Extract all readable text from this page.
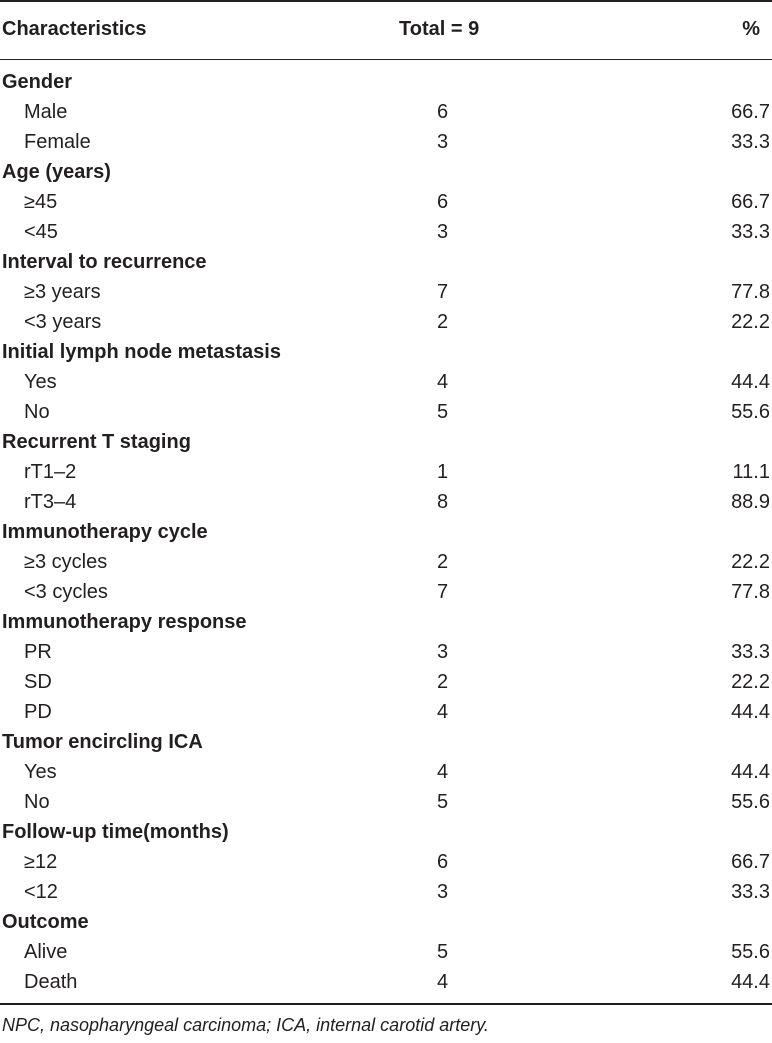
Characteristics	Total = 9	%
Gender
Male	6	66.7
Female	3	33.3
Age (years)
≥45	6	66.7
<45	3	33.3
Interval to recurrence
≥3 years	7	77.8
<3 years	2	22.2
Initial lymph node metastasis
Yes	4	44.4
No	5	55.6
Recurrent T staging
rT1–2	1	11.1
rT3–4	8	88.9
Immunotherapy cycle
≥3 cycles	2	22.2
<3 cycles	7	77.8
Immunotherapy response
PR	3	33.3
SD	2	22.2
PD	4	44.4
Tumor encircling ICA
Yes	4	44.4
No	5	55.6
Follow-up time(months)
≥12	6	66.7
<12	3	33.3
Outcome
Alive	5	55.6
Death	4	44.4
NPC, nasopharyngeal carcinoma; ICA, internal carotid artery.
